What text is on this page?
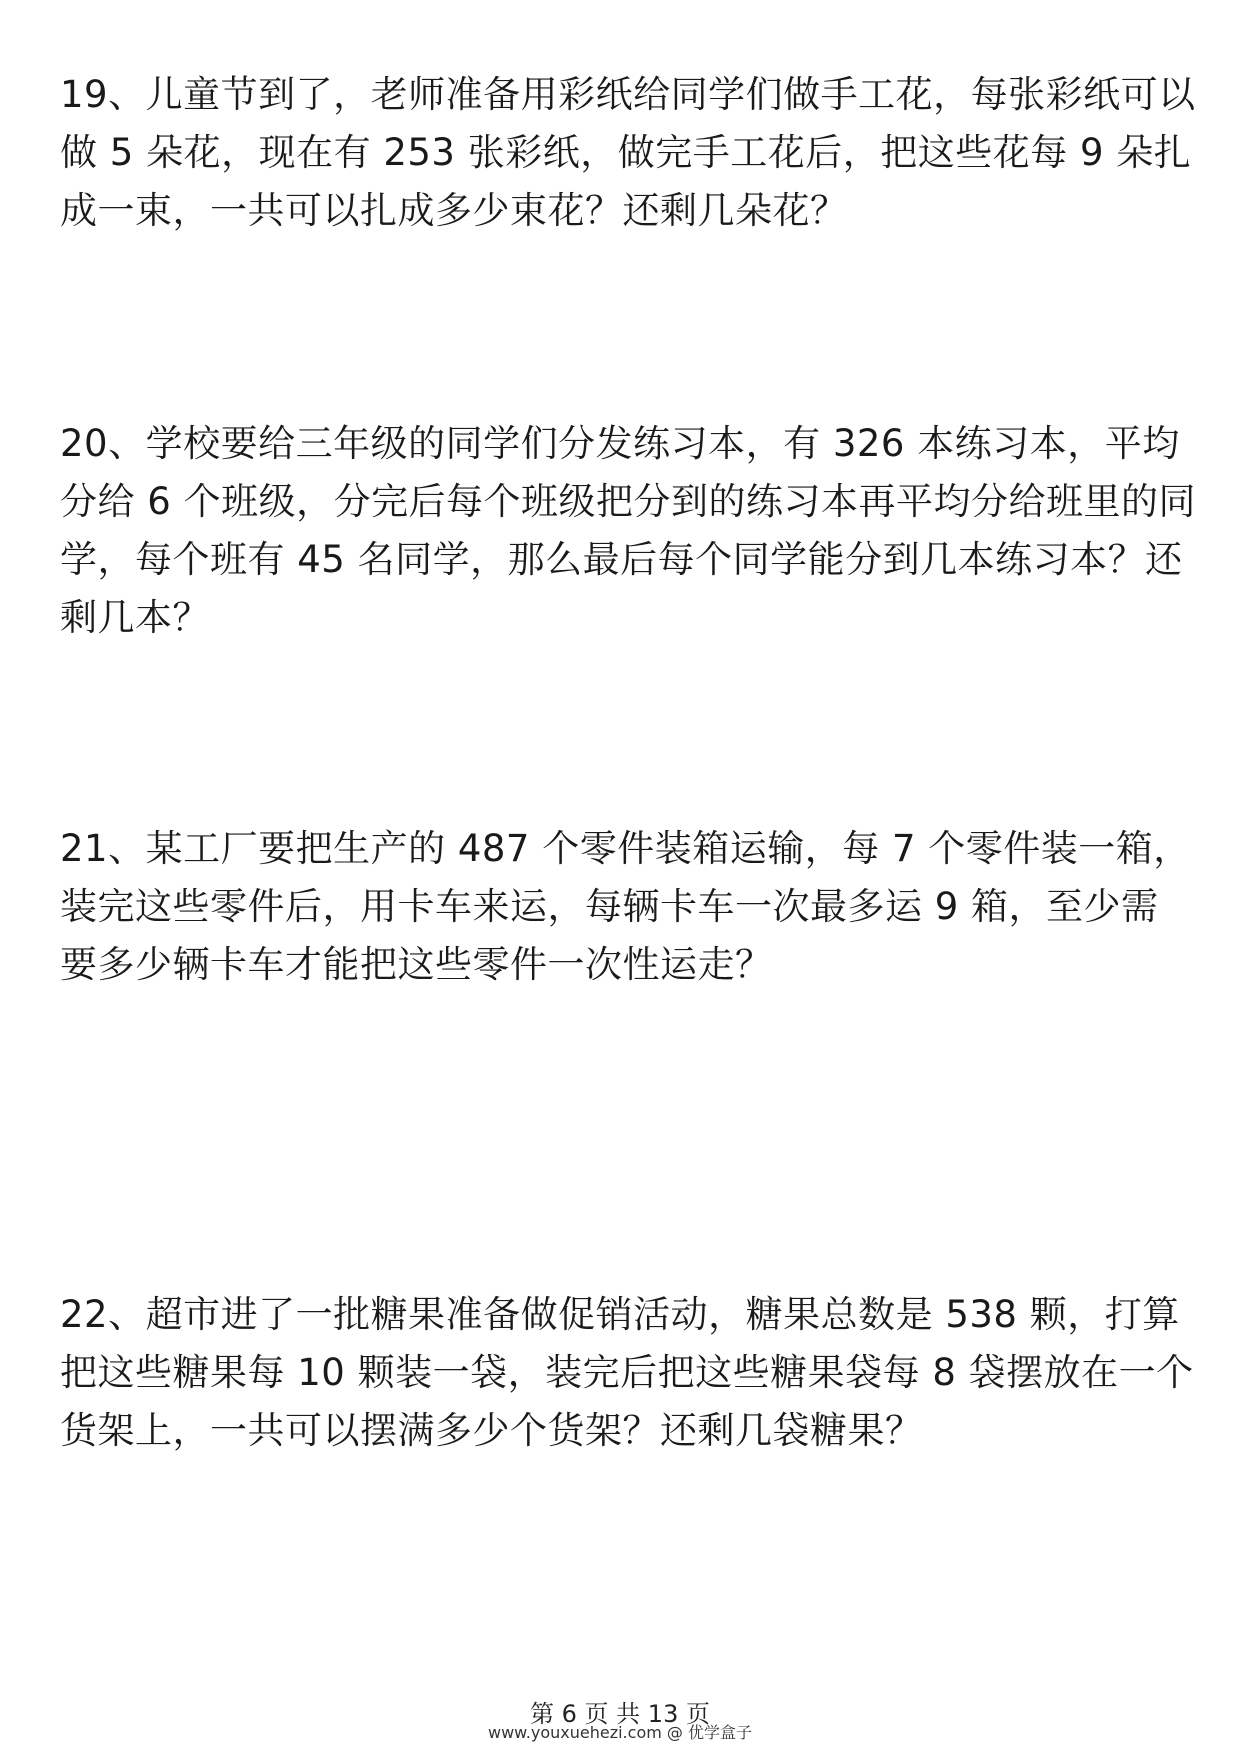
19、儿童节到了，老师准备用彩纸给同学们做手工花，每张彩纸可以
做 5 朵花，现在有 253 张彩纸，做完手工花后，把这些花每 9 朵扎
成一束，一共可以扎成多少束花？还剩几朵花？
20、学校要给三年级的同学们分发练习本，有 326 本练习本，平均
分给 6 个班级，分完后每个班级把分到的练习本再平均分给班里的同
学，每个班有 45 名同学，那么最后每个同学能分到几本练习本？还
剩几本？
21、某工厂要把生产的 487 个零件装箱运输，每 7 个零件装一箱，
装完这些零件后，用卡车来运，每辆卡车一次最多运 9 箱，至少需
要多少辆卡车才能把这些零件一次性运走？
22、超市进了一批糖果准备做促销活动，糖果总数是 538 颗，打算
把这些糖果每 10 颗装一袋，装完后把这些糖果袋每 8 袋摆放在一个
货架上，一共可以摆满多少个货架？还剩几袋糖果？
第 6 页 共 13 页
www.youxuehezi.com @ 优学盒子
